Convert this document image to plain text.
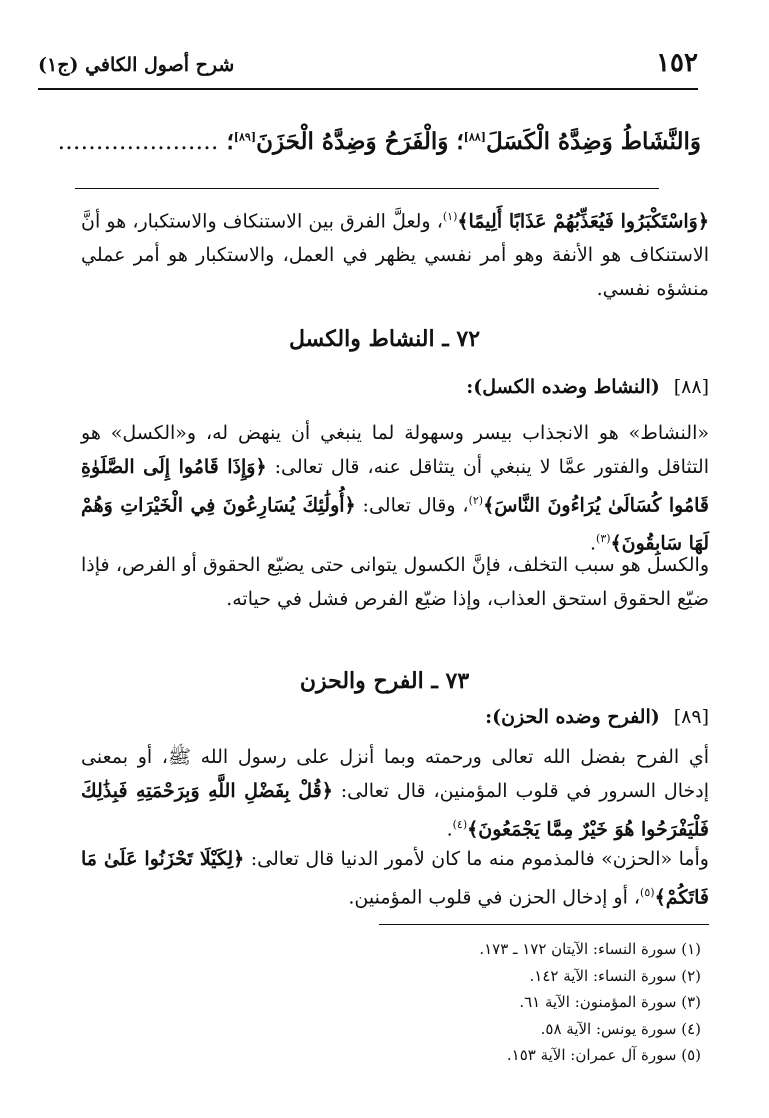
١٥٢
شرح أصول الكافي (ج١)
وَالنَّشَاطُ وَضِدَّهُ الْكَسَلَ[٨٨]؛ وَالْفَرَحُ وَضِدَّهُ الْحَزَنَ[٨٩]؛ …………………
﴿وَاسْتَكْبَرُوا فَيُعَذِّبُهُمْ عَذَابًا أَلِيمًا﴾$^{(١)}$، ولعلَّ الفرق بين الاستنكاف والاستكبار، هو أنَّ الاستنكاف هو الأنفة وهو أمر نفسي يظهر في العمل، والاستكبار هو أمر عملي منشؤه نفسي.
٧٢ ـ النشاط والكسل
[٨٨](النشاط وضده الكسل):
«النشاط» هو الانجذاب بيسر وسهولة لما ينبغي أن ينهض له، و«الكسل» هو التثاقل والفتور عمَّا لا ينبغي أن يتثاقل عنه، قال تعالى: ﴿وَإِذَا قَامُوا إِلَى الصَّلَوٰةِ قَامُوا كُسَالَىٰ يُرَاءُونَ النَّاسَ﴾$^{(٢)}$، وقال تعالى: ﴿أُولَٰئِكَ يُسَارِعُونَ فِي الْخَيْرَاتِ وَهُمْ لَهَا سَابِقُونَ﴾$^{(٣)}$.
والكسل هو سبب التخلف، فإنَّ الكسول يتوانى حتى يضيّع الحقوق أو الفرص، فإذا ضيّع الحقوق استحق العذاب، وإذا ضيّع الفرص فشل في حياته.
٧٣ ـ الفرح والحزن
[٨٩](الفرح وضده الحزن):
أي الفرح بفضل الله تعالى ورحمته وبما أنزل على رسول الله ﷺ، أو بمعنى إدخال السرور في قلوب المؤمنين، قال تعالى: ﴿قُلْ بِفَضْلِ اللَّهِ وَبِرَحْمَتِهِ فَبِذَٰلِكَ فَلْيَفْرَحُوا هُوَ خَيْرٌ مِمَّا يَجْمَعُونَ﴾$^{(٤)}$.
وأما «الحزن» فالمذموم منه ما كان لأمور الدنيا قال تعالى: ﴿لِكَيْلَا تَحْزَنُوا عَلَىٰ مَا فَاتَكُمْ﴾$^{(٥)}$، أو إدخال الحزن في قلوب المؤمنين.
(١) سورة النساء: الآيتان ١٧٢ ـ ١٧٣.
(٢) سورة النساء: الآية ١٤٢.
(٣) سورة المؤمنون: الآية ٦١.
(٤) سورة يونس: الآية ٥٨.
(٥) سورة آل عمران: الآية ١٥٣.
